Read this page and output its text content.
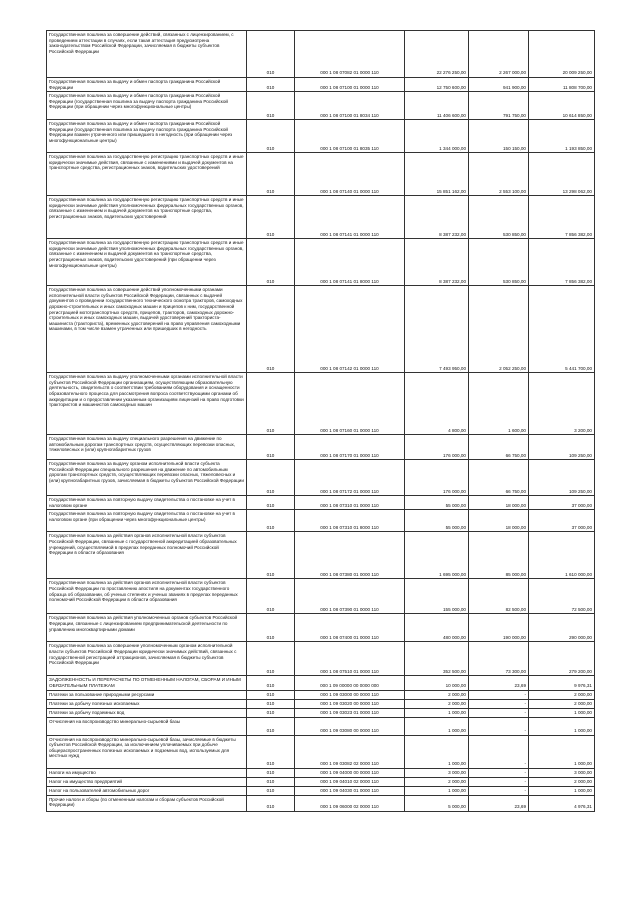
Государственная пошлина за совершение действий, связанных с лицензированием, с проведением аттестации в случаях, если такая аттестация предусмотрена законодательством Российской Федерации, зачисляемая в бюджеты субъектов Российской Федерации	010	000 1 08 07082 01 0000 110	22 276 250,00	2 267 000,00	20 009 250,00
Государственная пошлина за выдачу и обмен паспорта гражданина Российской Федерации	010	000 1 08 07100 01 0000 110	12 750 600,00	941 900,00	11 808 700,00
Государственная пошлина за выдачу и обмен паспорта гражданина Российской Федерации (государственная пошлина за выдачу паспорта гражданина Российской Федерации (при обращении через многофункциональные центры)	010	000 1 08 07100 01 8034 110	11 406 600,00	791 750,00	10 614 850,00
Государственная пошлина за выдачу и обмен паспорта гражданина Российской Федерации (государственная пошлина за выдачу паспорта гражданина Российской Федерации взамен утраченного или пришедшего в негодность (при обращении через многофункциональные центры)	010	000 1 08 07100 01 8035 110	1 344 000,00	150 150,00	1 193 850,00
Государственная пошлина за государственную регистрацию транспортных средств и иные юридически значимые действия, связанные с изменениями и выдачей документов на транспортные средства, регистрационных знаков, водительских удостоверений	010	000 1 08 07140 01 0000 110	15 851 162,00	2 553 100,00	13 298 062,00
Государственная пошлина за государственную регистрацию транспортных средств и иные юридически значимые действия уполномоченных федеральных государственных органов, связанные с изменением и выдачей документов на транспортные средства, регистрационных знаков, водительских удостоверений	010	000 1 08 07141 01 0000 110	8 387 232,00	530 850,00	7 856 382,00
Государственная пошлина за государственную регистрацию транспортных средств и иные юридически значимые действия уполномоченных федеральных государственных органов, связанные с изменением и выдачей документов на транспортные средства, регистрационных знаков, водительских удостоверений (при обращении через многофункциональные центры)	010	000 1 08 07141 01 8000 110	8 387 232,00	530 850,00	7 856 382,00
Государственная пошлина за совершение действий уполномоченными органами исполнительной власти субъектов Российской Федерации, связанных с выдачей документов о проведении государственного технического осмотра тракторов, самоходных дорожно-строительных и иных самоходных машин и прицепов к ним, государственной регистрацией мототранспортных средств, прицепов, тракторов, самоходных дорожно-строительных и иных самоходных машин, выдачей удостоверений тракториста-машиниста (тракториста), временных удостоверений на право управления самоходными машинами, в том числе взамен утраченных или пришедших в негодность	010	000 1 08 07142 01 0000 110	7 493 950,00	2 052 250,00	5 441 700,00
Государственная пошлина за выдачу уполномоченными органами исполнительной власти субъектов Российской Федерации организациям, осуществляющим образовательную деятельность, свидетельств о соответствии требованиям оборудования и оснащенности образовательного процесса для рассмотрения вопроса соответствующими органами об аккредитации и о предоставлении указанным организациям лицензий на право подготовки трактористов и машинистов самоходных машин	010	000 1 08 07160 01 0000 110	4 800,00	1 600,00	3 200,00
Государственная пошлина за выдачу специального разрешения на движение по автомобильным дорогам транспортных средств, осуществляющих перевозки опасных, тяжеловесных и (или) крупногабаритных грузов	010	000 1 08 07170 01 0000 110	176 000,00	66 750,00	109 250,00
Государственная пошлина за выдачу органом исполнительной власти субъекта Российской Федерации специального разрешения на движение по автомобильным дорогам транспортных средств, осуществляющих перевозки опасных, тяжеловесных и (или) крупногабаритных грузов, зачисляемая в бюджеты субъектов Российской Федерации	010	000 1 08 07172 01 0000 110	176 000,00	66 750,00	109 250,00
Государственная пошлина за повторную выдачу свидетельства о постановке на учет в налоговом органе	010	000 1 08 07310 01 0000 110	55 000,00	18 000,00	37 000,00
Государственная пошлина за повторную выдачу свидетельства о постановке на учет в налоговом органе (при обращении через многофункциональные центры)	010	000 1 08 07310 01 8000 110	55 000,00	18 000,00	37 000,00
Государственная пошлина за действия органов исполнительной власти субъектов Российской Федерации, связанные с государственной аккредитацией образовательных учреждений, осуществляемой в пределах переданных полномочий Российской Федерации в области образования	010	000 1 08 07380 01 0000 110	1 695 000,00	85 000,00	1 610 000,00
Государственная пошлина за действия органов исполнительной власти субъектов Российской Федерации по проставлению апостиля на документах государственного образца об образовании, об ученых степенях и ученых званиях в пределах переданных полномочий Российской Федерации в области образования	010	000 1 08 07390 01 0000 110	155 000,00	82 500,00	72 500,00
Государственная пошлина за действия уполномоченных органов субъектов Российской Федерации, связанные с лицензированием предпринимательской деятельности по управлению многоквартирными домами	010	000 1 08 07400 01 0000 110	480 000,00	190 000,00	290 000,00
Государственная пошлина за совершение уполномоченным органом исполнительной власти субъектов Российской Федерации юридически значимых действий, связанных с государственной регистрацией аттракционов, зачисляемая в бюджеты субъектов Российской Федерации	010	000 1 08 07510 01 0000 110	352 500,00	73 300,00	279 200,00
ЗАДОЛЖЕННОСТЬ И ПЕРЕРАСЧЕТЫ ПО ОТМЕНЕННЫМ НАЛОГАМ, СБОРАМ И ИНЫМ ОБЯЗАТЕЛЬНЫМ ПЛАТЕЖАМ	010	000 1 09 00000 00 0000 000	10 000,00	23,69	9 976,31
Платежи за пользование природными ресурсами	010	000 1 09 03000 00 0000 110	2 000,00	-	2 000,00
Платежи за добычу полезных ископаемых	010	000 1 09 03020 00 0000 110	2 000,00	-	2 000,00
Платежи за добычу подземных вод	010	000 1 09 03023 01 0000 110	1 000,00	-	1 000,00
Отчисления на воспроизводство минерально-сырьевой базы	010	000 1 09 03080 00 0000 110	1 000,00	-	1 000,00
Отчисления на воспроизводство минерально-сырьевой базы, зачисляемые в бюджеты субъектов Российской Федерации, за исключением уплачиваемых при добыче общераспространенных полезных ископаемых и подземных вод, используемых для местных нужд	010	000 1 09 03082 02 0000 110	1 000,00	-	1 000,00
Налоги на имущество	010	000 1 09 04000 00 0000 110	3 000,00	-	3 000,00
Налог на имущество предприятий	010	000 1 09 04010 02 0000 110	2 000,00	-	2 000,00
Налог на пользователей автомобильных дорог	010	000 1 09 04030 01 0000 110	1 000,00	-	1 000,00
Прочие налоги и сборы (по отмененным налогам и сборам субъектов Российской Федерации)	010	000 1 09 06000 02 0000 110	5 000,00	23,69	4 976,31
